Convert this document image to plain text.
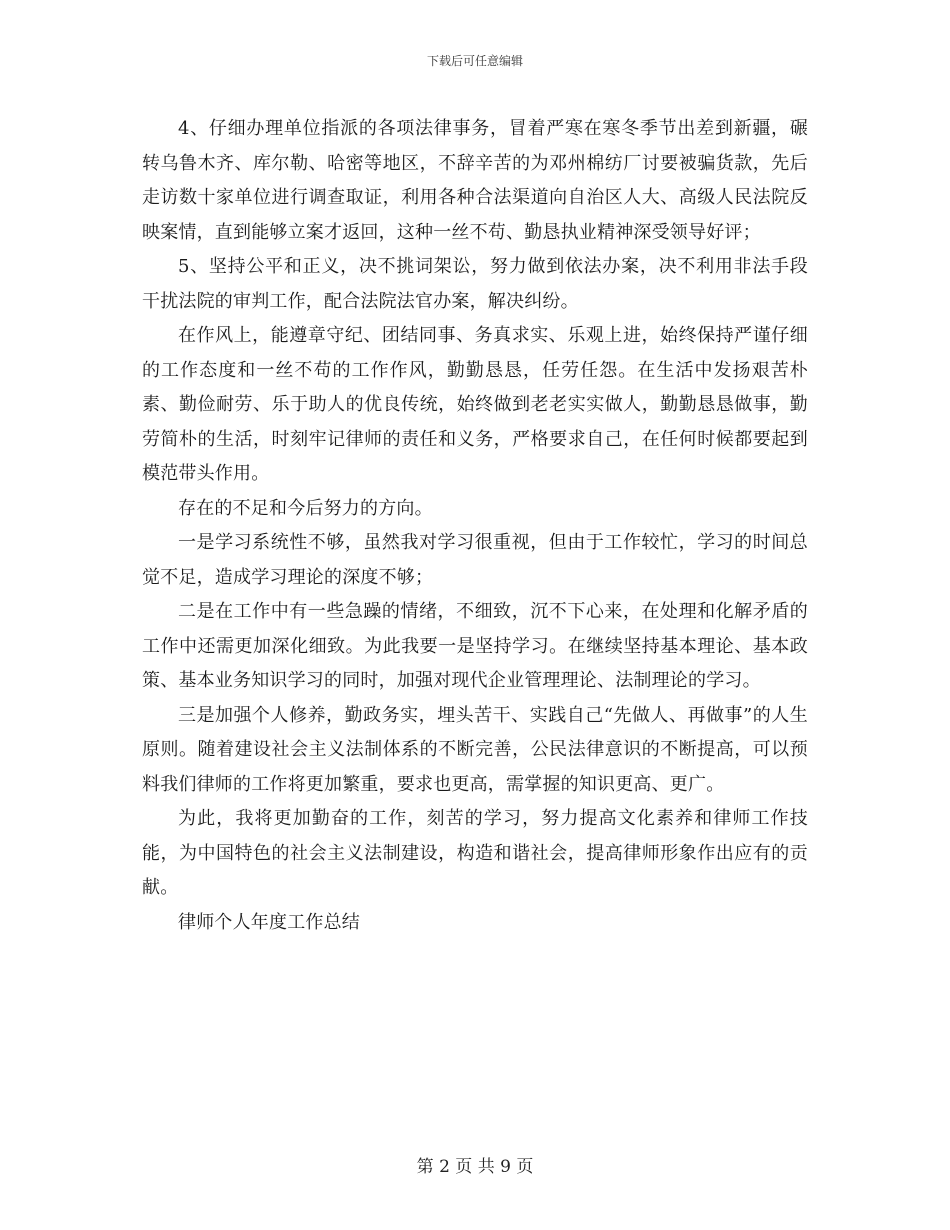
下载后可任意编辑

4、仔细办理单位指派的各项法律事务，冒着严寒在寒冬季节出差到新疆，碾转乌鲁木齐、库尔勒、哈密等地区，不辞辛苦的为邓州棉纺厂讨要被骗货款，先后走访数十家单位进行调查取证，利用各种合法渠道向自治区人大、高级人民法院反映案情，直到能够立案才返回，这种一丝不苟、勤恳执业精神深受领导好评；

5、坚持公平和正义，决不挑词架讼，努力做到依法办案，决不利用非法手段干扰法院的审判工作，配合法院法官办案，解决纠纷。

在作风上，能遵章守纪、团结同事、务真求实、乐观上进，始终保持严谨仔细的工作态度和一丝不苟的工作作风，勤勤恳恳，任劳任怨。在生活中发扬艰苦朴素、勤俭耐劳、乐于助人的优良传统，始终做到老老实实做人，勤勤恳恳做事，勤劳简朴的生活，时刻牢记律师的责任和义务，严格要求自己，在任何时候都要起到模范带头作用。

存在的不足和今后努力的方向。

一是学习系统性不够，虽然我对学习很重视，但由于工作较忙，学习的时间总觉不足，造成学习理论的深度不够；

二是在工作中有一些急躁的情绪，不细致，沉不下心来，在处理和化解矛盾的工作中还需更加深化细致。为此我要一是坚持学习。在继续坚持基本理论、基本政策、基本业务知识学习的同时，加强对现代企业管理理论、法制理论的学习。

三是加强个人修养，勤政务实，埋头苦干、实践自己“先做人、再做事”的人生原则。随着建设社会主义法制体系的不断完善，公民法律意识的不断提高，可以预料我们律师的工作将更加繁重，要求也更高，需掌握的知识更高、更广。

为此，我将更加勤奋的工作，刻苦的学习，努力提高文化素养和律师工作技能，为中国特色的社会主义法制建设，构造和谐社会，提高律师形象作出应有的贡献。

律师个人年度工作总结

第 2 页 共 9 页
